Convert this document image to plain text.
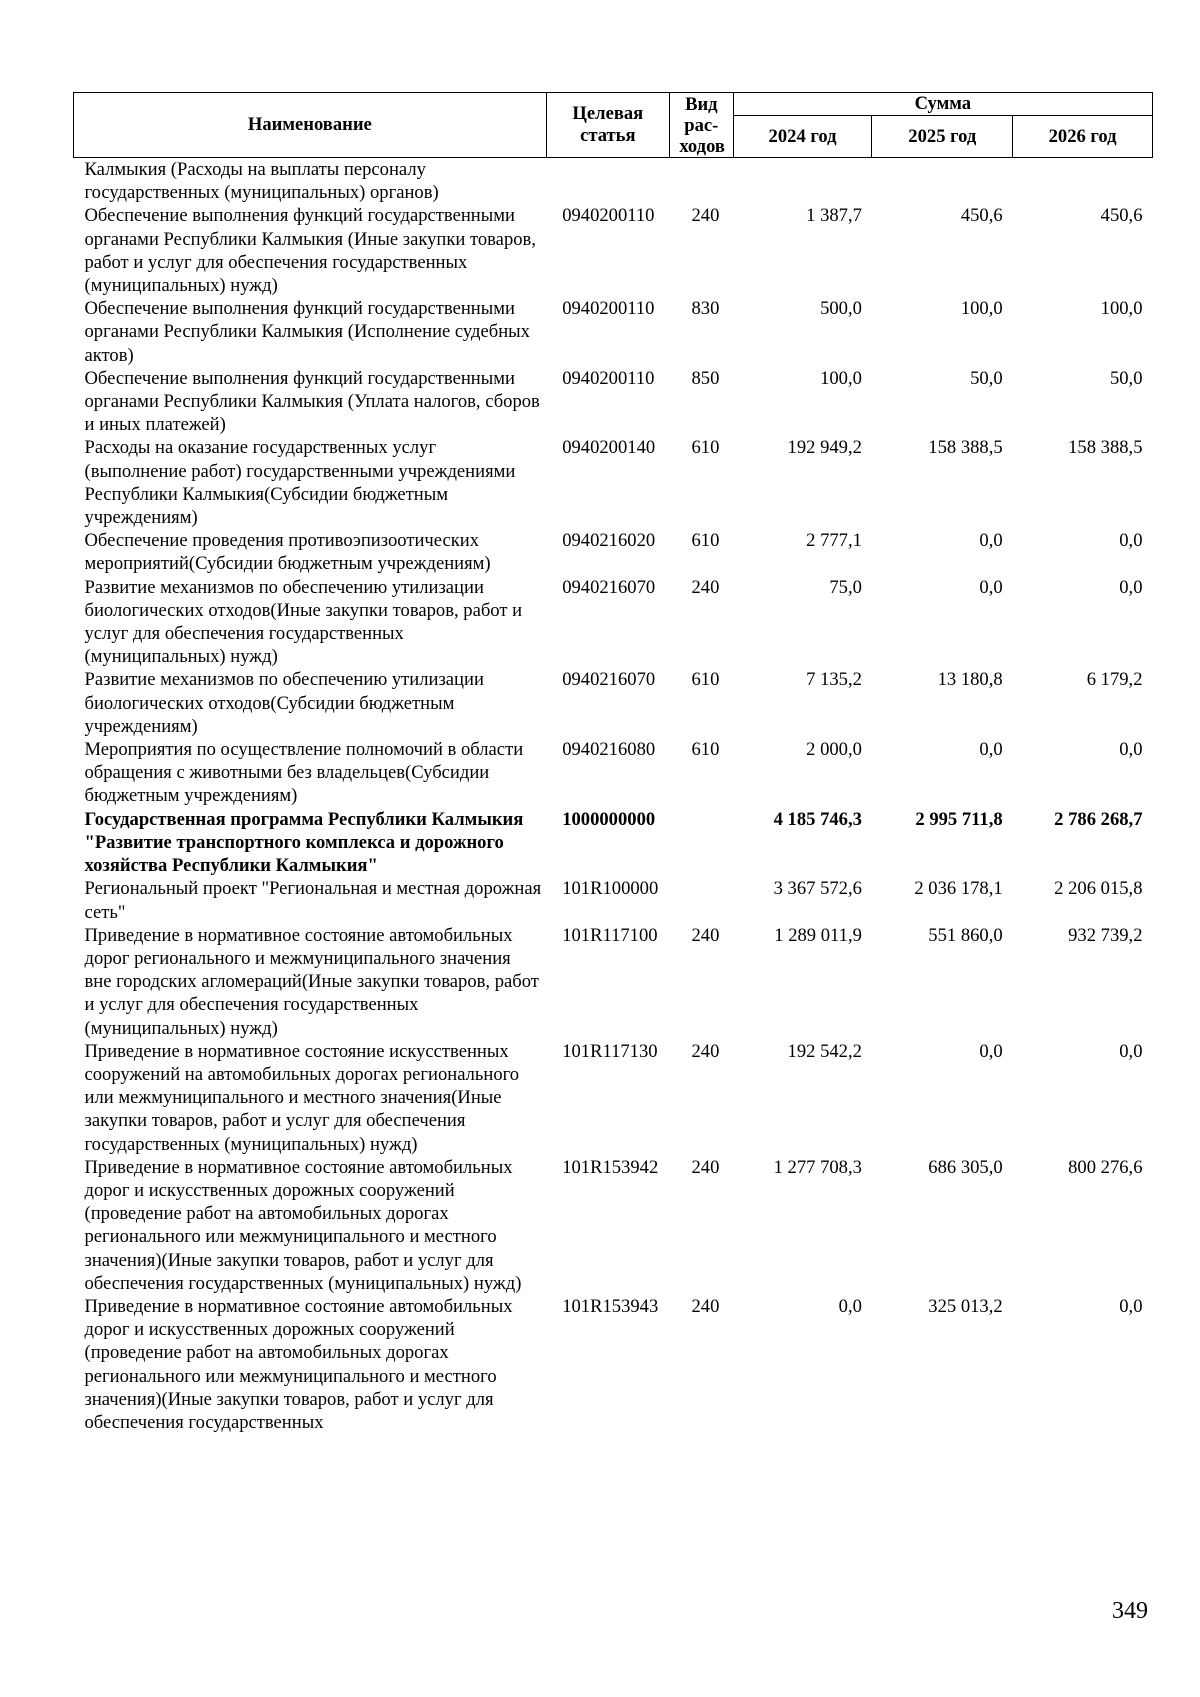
Наименование	Целевая статья	Вид рас-ходов	Сумма		
			2024 год	2025 год	2026 год
Калмыкия (Расходы на выплаты персоналу государственных (муниципальных) органов)					
Обеспечение выполнения функций государственными органами Республики Калмыкия (Иные закупки товаров, работ и услуг для обеспечения государственных (муниципальных) нужд)	0940200110	240	1 387,7	450,6	450,6
Обеспечение выполнения функций государственными органами Республики Калмыкия (Исполнение судебных актов)	0940200110	830	500,0	100,0	100,0
Обеспечение выполнения функций государственными органами Республики Калмыкия (Уплата налогов, сборов и иных платежей)	0940200110	850	100,0	50,0	50,0
Расходы на оказание государственных услуг (выполнение работ) государственными учреждениями Республики Калмыкия(Субсидии бюджетным учреждениям)	0940200140	610	192 949,2	158 388,5	158 388,5
Обеспечение проведения противоэпизоотических мероприятий(Субсидии бюджетным учреждениям)	0940216020	610	2 777,1	0,0	0,0
Развитие механизмов по обеспечению утилизации биологических отходов(Иные закупки товаров, работ и услуг для обеспечения государственных (муниципальных) нужд)	0940216070	240	75,0	0,0	0,0
Развитие механизмов по обеспечению утилизации биологических отходов(Субсидии бюджетным учреждениям)	0940216070	610	7 135,2	13 180,8	6 179,2
Мероприятия по осуществление полномочий в области обращения с животными без владельцев(Субсидии бюджетным учреждениям)	0940216080	610	2 000,0	0,0	0,0
Государственная программа Республики Калмыкия "Развитие транспортного комплекса и дорожного хозяйства Республики Калмыкия"	1000000000		4 185 746,3	2 995 711,8	2 786 268,7
Региональный проект "Региональная и местная дорожная сеть"	101R100000		3 367 572,6	2 036 178,1	2 206 015,8
Приведение в нормативное состояние автомобильных дорог регионального и межмуниципального значения вне городских агломераций(Иные закупки товаров, работ и услуг для обеспечения государственных (муниципальных) нужд)	101R117100	240	1 289 011,9	551 860,0	932 739,2
Приведение в нормативное состояние искусственных сооружений на автомобильных дорогах регионального или межмуниципального и местного значения(Иные закупки товаров, работ и услуг для обеспечения государственных (муниципальных) нужд)	101R117130	240	192 542,2	0,0	0,0
Приведение в нормативное состояние автомобильных дорог и искусственных дорожных сооружений (проведение работ на автомобильных дорогах регионального или межмуниципального и местного значения)(Иные закупки товаров, работ и услуг для обеспечения государственных (муниципальных) нужд)	101R153942	240	1 277 708,3	686 305,0	800 276,6
Приведение в нормативное состояние автомобильных дорог и искусственных дорожных сооружений (проведение работ на автомобильных дорогах регионального или межмуниципального и местного значения)(Иные закупки товаров, работ и услуг для обеспечения государственных	101R153943	240	0,0	325 013,2	0,0
349
